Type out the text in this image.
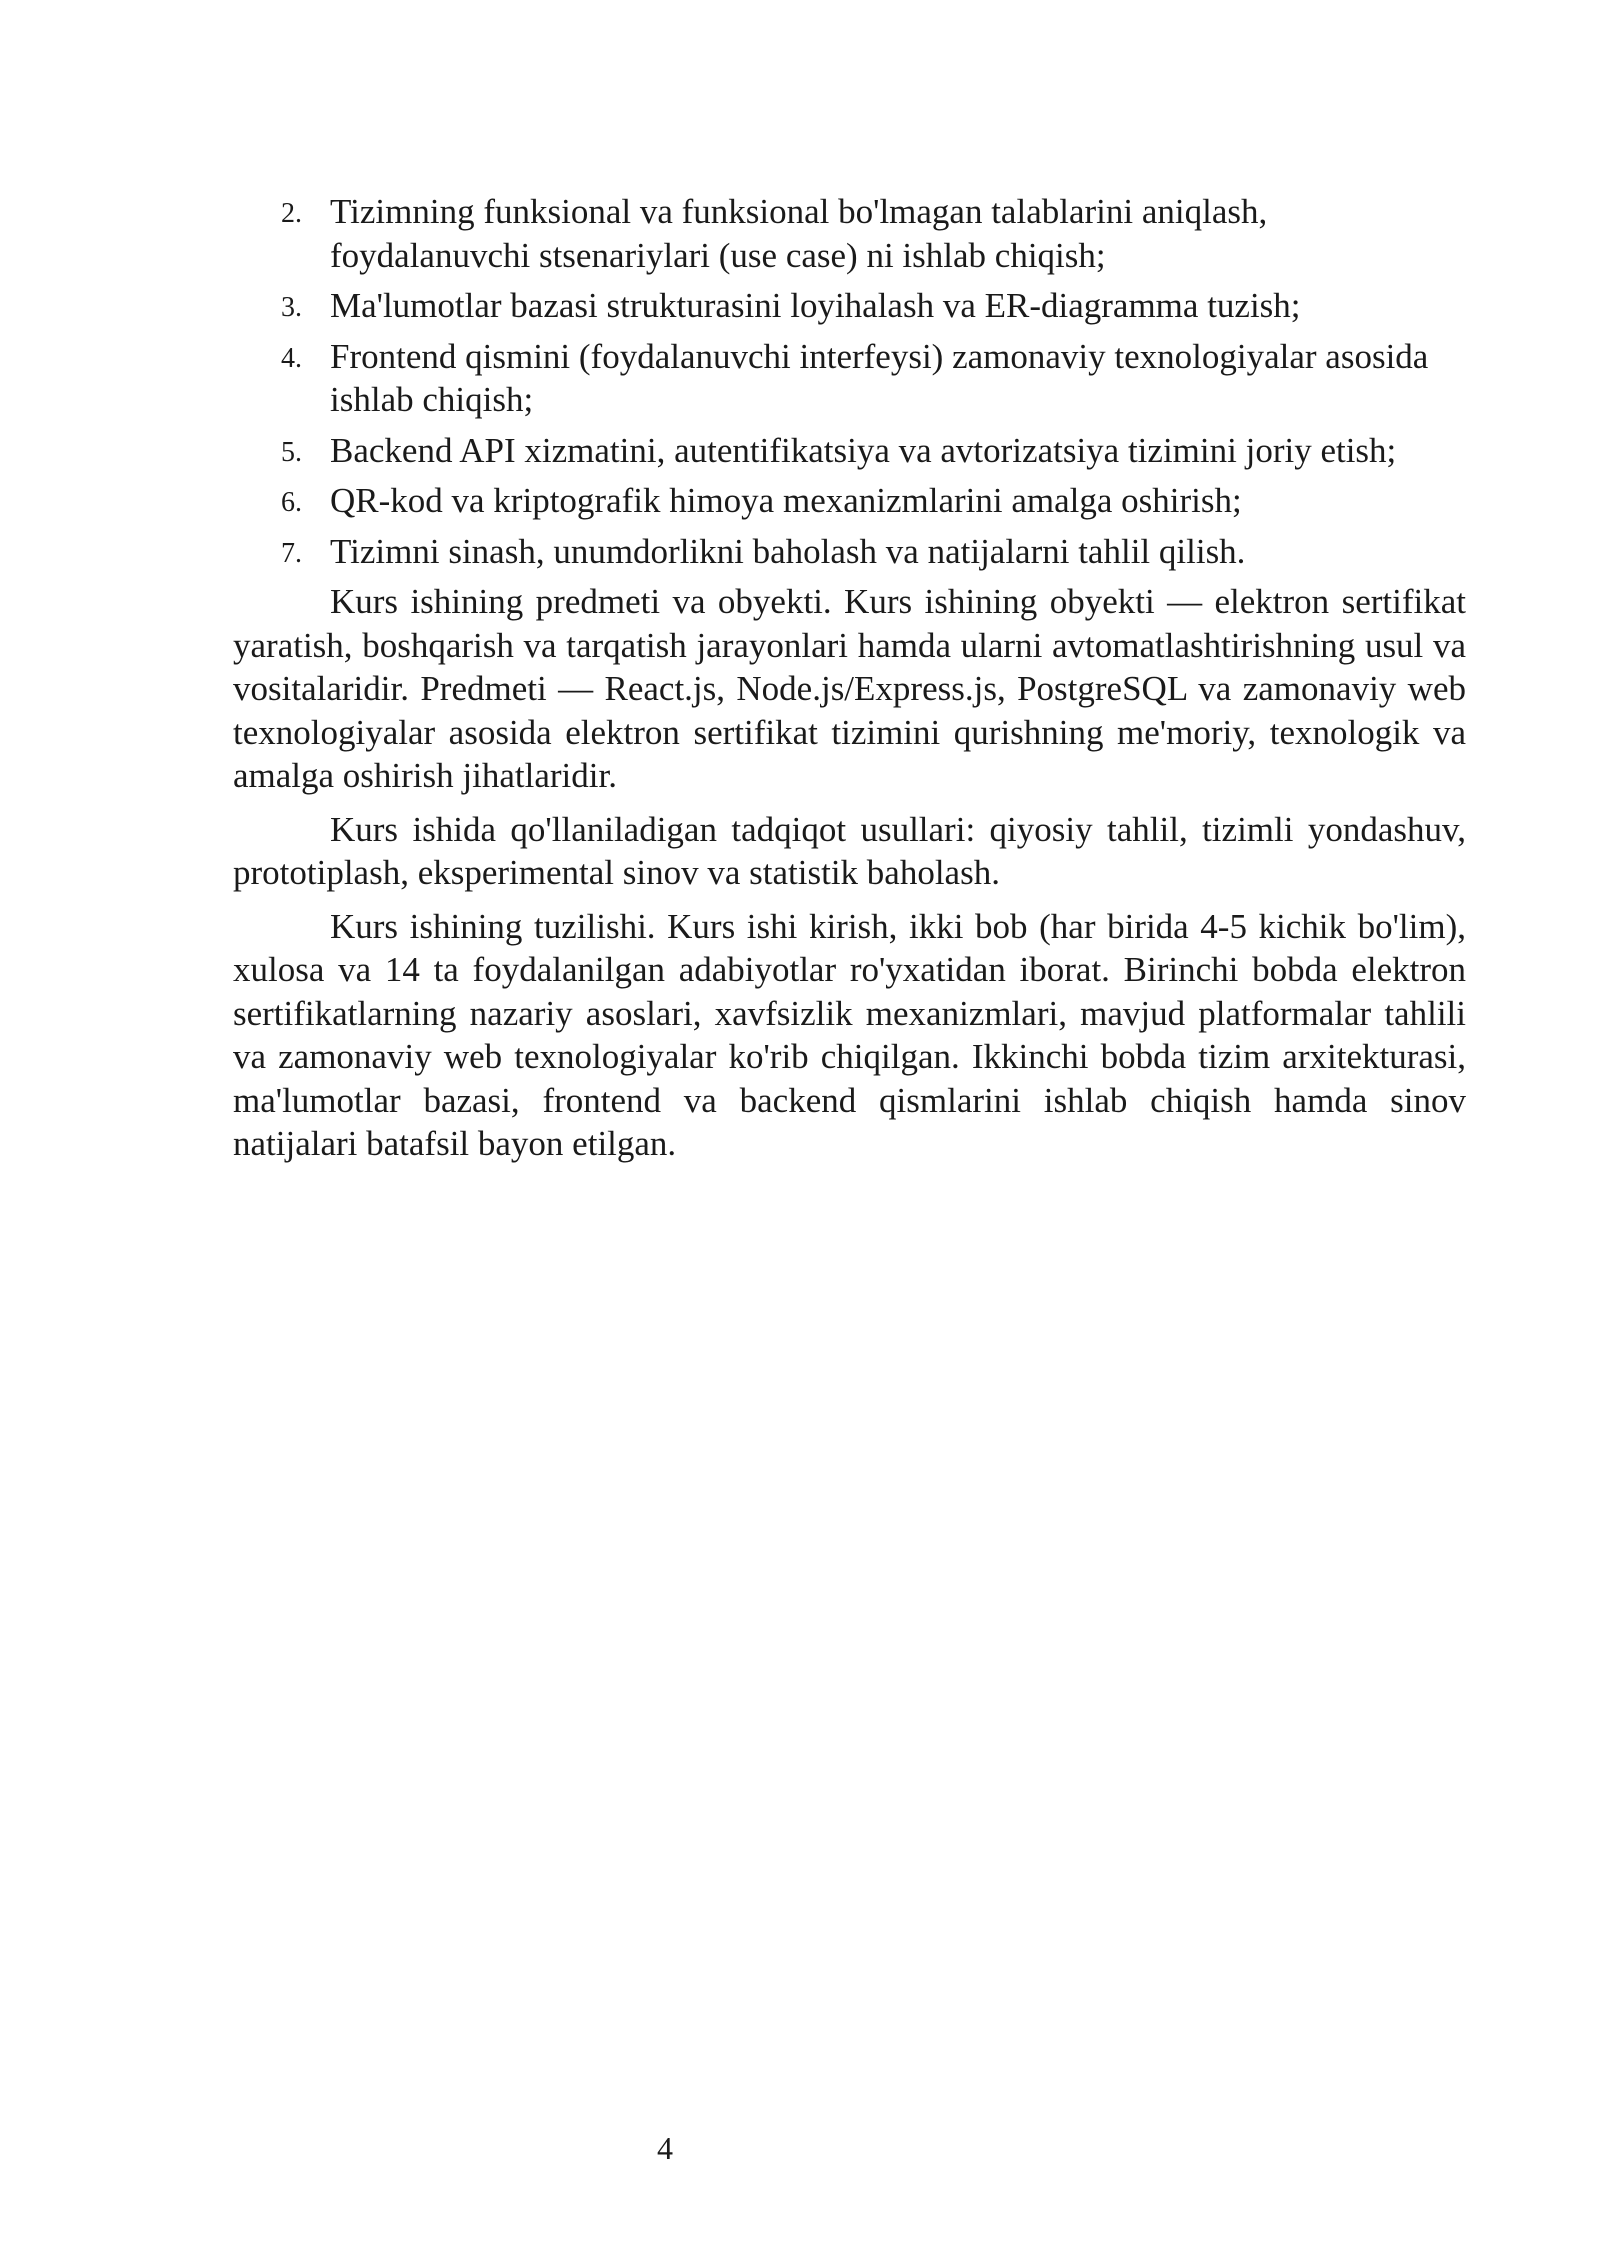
2. Tizimning funksional va funksional bo'lmagan talablarini aniqlash, foydalanuvchi stsenariylari (use case) ni ishlab chiqish;
3. Ma'lumotlar bazasi strukturasini loyihalash va ER-diagramma tuzish;
4. Frontend qismini (foydalanuvchi interfeysi) zamonaviy texnologiyalar asosida ishlab chiqish;
5. Backend API xizmatini, autentifikatsiya va avtorizatsiya tizimini joriy etish;
6. QR-kod va kriptografik himoya mexanizmlarini amalga oshirish;
7. Tizimni sinash, unumdorlikni baholash va natijalarni tahlil qilish.

Kurs ishining predmeti va obyekti. Kurs ishining obyekti — elektron sertifikat yaratish, boshqarish va tarqatish jarayonlari hamda ularni avtomatlashtirishning usul va vositalaridir. Predmeti — React.js, Node.js/Express.js, PostgreSQL va zamonaviy web texnologiyalar asosida elektron sertifikat tizimini qurishning me'moriy, texnologik va amalga oshirish jihatlaridir.

Kurs ishida qo'llaniladigan tadqiqot usullari: qiyosiy tahlil, tizimli yondashuv, prototiplash, eksperimental sinov va statistik baholash.

Kurs ishining tuzilishi. Kurs ishi kirish, ikki bob (har birida 4-5 kichik bo'lim), xulosa va 14 ta foydalanilgan adabiyotlar ro'yxatidan iborat. Birinchi bobda elektron sertifikatlarning nazariy asoslari, xavfsizlik mexanizmlari, mavjud platformalar tahlili va zamonaviy web texnologiyalar ko'rib chiqilgan. Ikkinchi bobda tizim arxitekturasi, ma'lumotlar bazasi, frontend va backend qismlarini ishlab chiqish hamda sinov natijalari batafsil bayon etilgan.

4
